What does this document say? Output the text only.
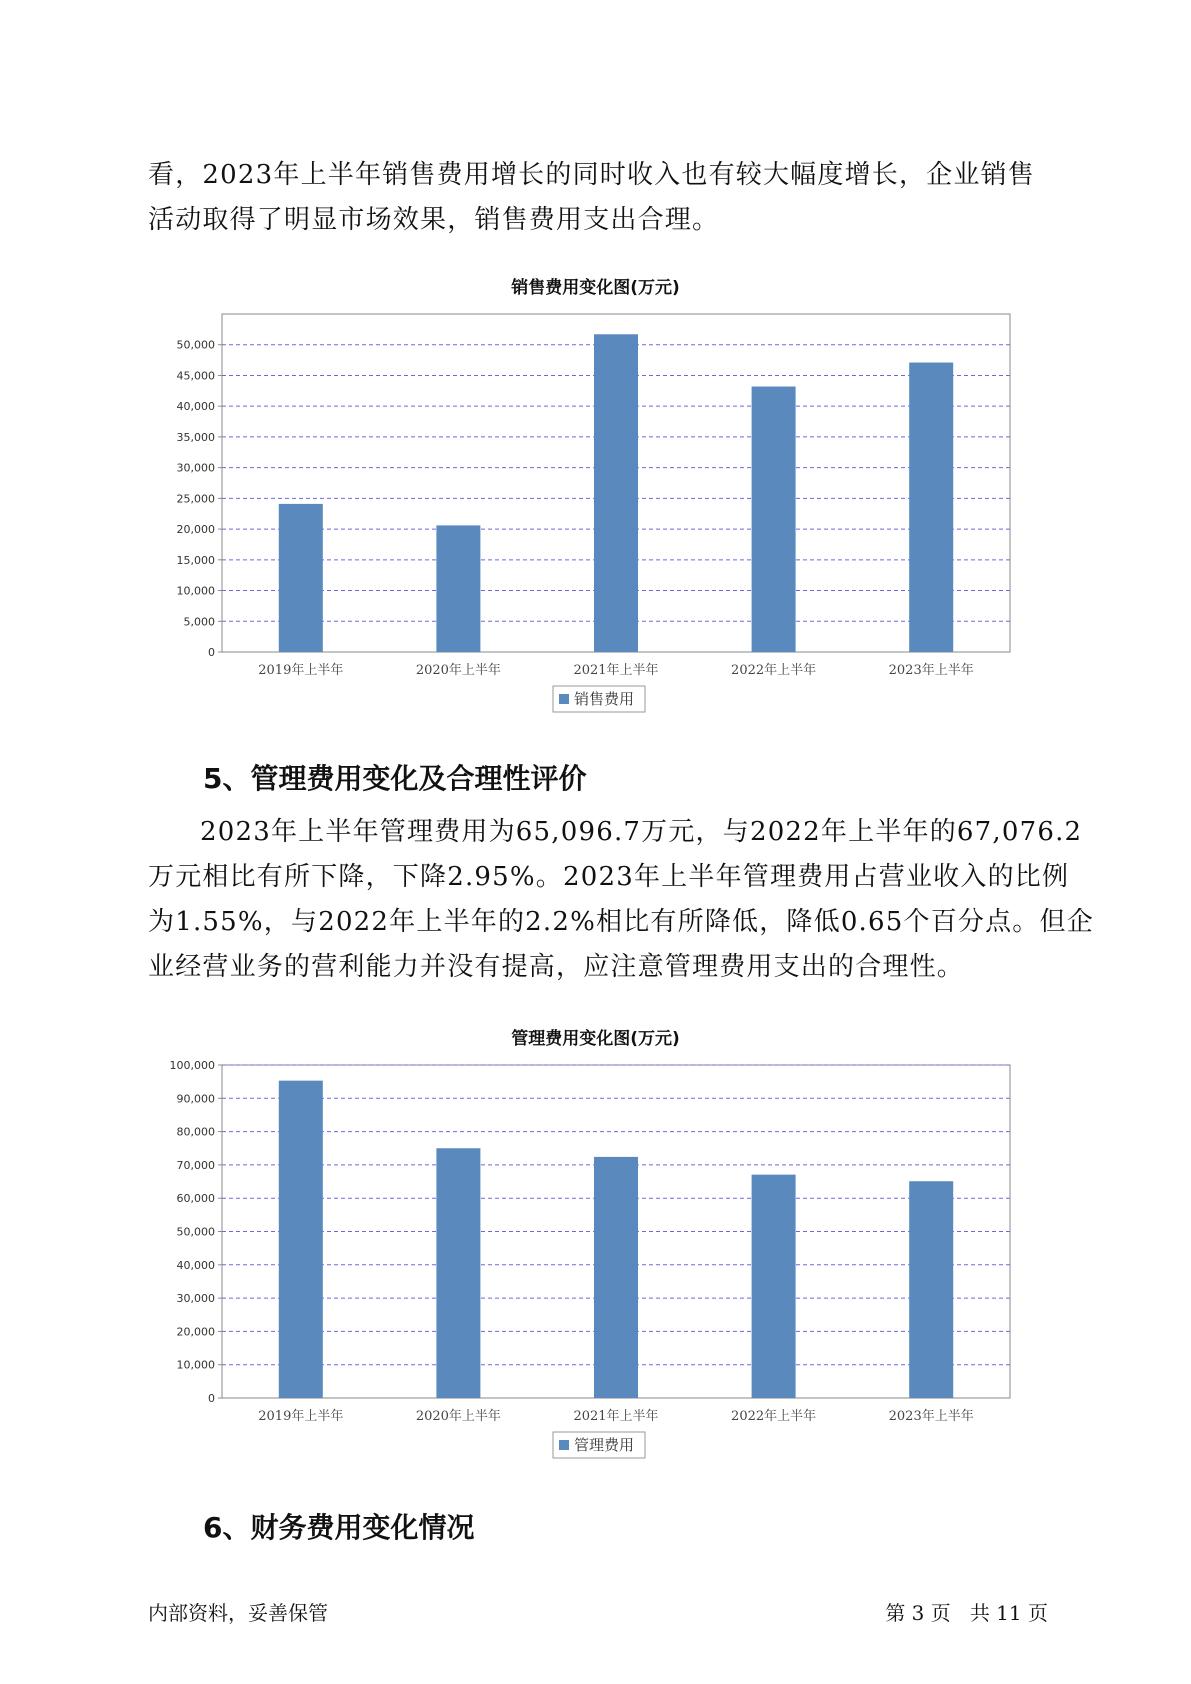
看，2023年上半年销售费用增长的同时收入也有较大幅度增长，企业销售
活动取得了明显市场效果，销售费用支出合理。

销售费用变化图(万元)
0
5,000
10,000
15,000
20,000
25,000
30,000
35,000
40,000
45,000
50,000
2019年上半年	2020年上半年	2021年上半年	2022年上半年	2023年上半年
销售费用
5、管理费用变化及合理性评价

2023年上半年管理费用为65,096.7万元，与2022年上半年的67,076.2
万元相比有所下降，下降2.95%。2023年上半年管理费用占营业收入的比例
为1.55%，与2022年上半年的2.2%相比有所降低，降低0.65个百分点。但企
业经营业务的营利能力并没有提高，应注意管理费用支出的合理性。

管理费用变化图(万元)
0
10,000
20,000
30,000
40,000
50,000
60,000
70,000
80,000
90,000
100,000
2019年上半年	2020年上半年	2021年上半年	2022年上半年	2023年上半年
管理费用
6、财务费用变化情况
内部资料，妥善保管	第 3 页   共 11 页
